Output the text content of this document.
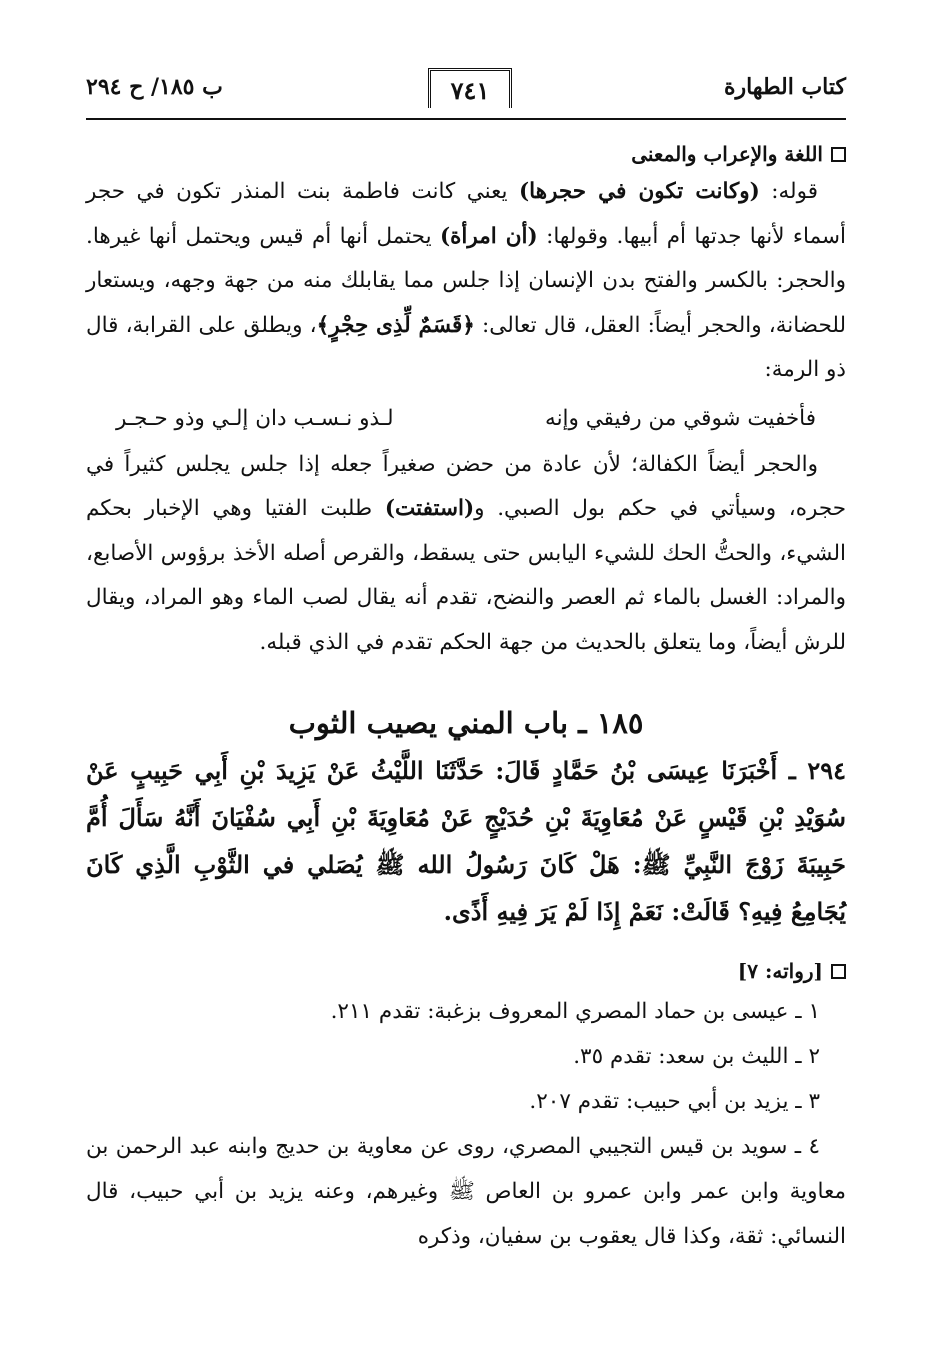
كتاب الطهارة
٧٤١
ب ١٨٥/ ح ٢٩٤
اللغة والإعراب والمعنى

قوله: (وكانت تكون في حجرها) يعني كانت فاطمة بنت المنذر تكون في حجر أسماء لأنها جدتها أم أبيها. وقولها: (أن امرأة) يحتمل أنها أم قيس ويحتمل أنها غيرها. والحجر: بالكسر والفتح بدن الإنسان إذا جلس مما يقابلك منه من جهة وجهه، ويستعار للحضانة، والحجر أيضاً: العقل، قال تعالى: ﴿قَسَمٌ لِّذِى حِجْرٍ﴾، ويطلق على القرابة، قال ذو الرمة:

فأخفيت شوقي من رفيقي وإنه
لـذو نـسـب دان إلـي وذو حـجـر

والحجر أيضاً الكفالة؛ لأن عادة من حضن صغيراً جعله إذا جلس يجلس كثيراً في حجره، وسيأتي في حكم بول الصبي. و(استفتت) طلبت الفتيا وهي الإخبار بحكم الشيء، والحتُّ الحك للشيء اليابس حتى يسقط، والقرص أصله الأخذ برؤوس الأصابع، والمراد: الغسل بالماء ثم العصر والنضح، تقدم أنه يقال لصب الماء وهو المراد، ويقال للرش أيضاً، وما يتعلق بالحديث من جهة الحكم تقدم في الذي قبله.

١٨٥ ـ باب المني يصيب الثوب

٢٩٤ ـ أَخْبَرَنَا عِيسَى بْنُ حَمَّادٍ قَالَ: حَدَّثَنَا اللَّيْثُ عَنْ يَزِيدَ بْنِ أَبِي حَبِيبٍ عَنْ سُوَيْدِ بْنِ قَيْسٍ عَنْ مُعَاوِيَةَ بْنِ حُدَيْجٍ عَنْ مُعَاوِيَةَ بْنِ أَبِي سُفْيَانَ أَنَّهُ سَأَلَ أُمَّ حَبِيبَةَ زَوْجَ النَّبِيِّ ﷺ: هَلْ كَانَ رَسُولُ الله ﷺ يُصَلي في الثَّوْبِ الَّذِي كَانَ يُجَامِعُ فِيهِ؟ قَالَتْ: نَعَمْ إِذَا لَمْ يَرَ فِيهِ أَذًى.

[رواته: ٧]

١ ـ عيسى بن حماد المصري المعروف بزغبة: تقدم ٢١١.

٢ ـ الليث بن سعد: تقدم ٣٥.

٣ ـ يزيد بن أبي حبيب: تقدم ٢٠٧.

٤ ـ سويد بن قيس التجيبي المصري، روى عن معاوية بن حديج وابنه عبد الرحمن بن معاوية وابن عمر وابن عمرو بن العاص ﷺ وغيرهم، وعنه يزيد بن أبي حبيب، قال النسائي: ثقة، وكذا قال يعقوب بن سفيان، وذكره
